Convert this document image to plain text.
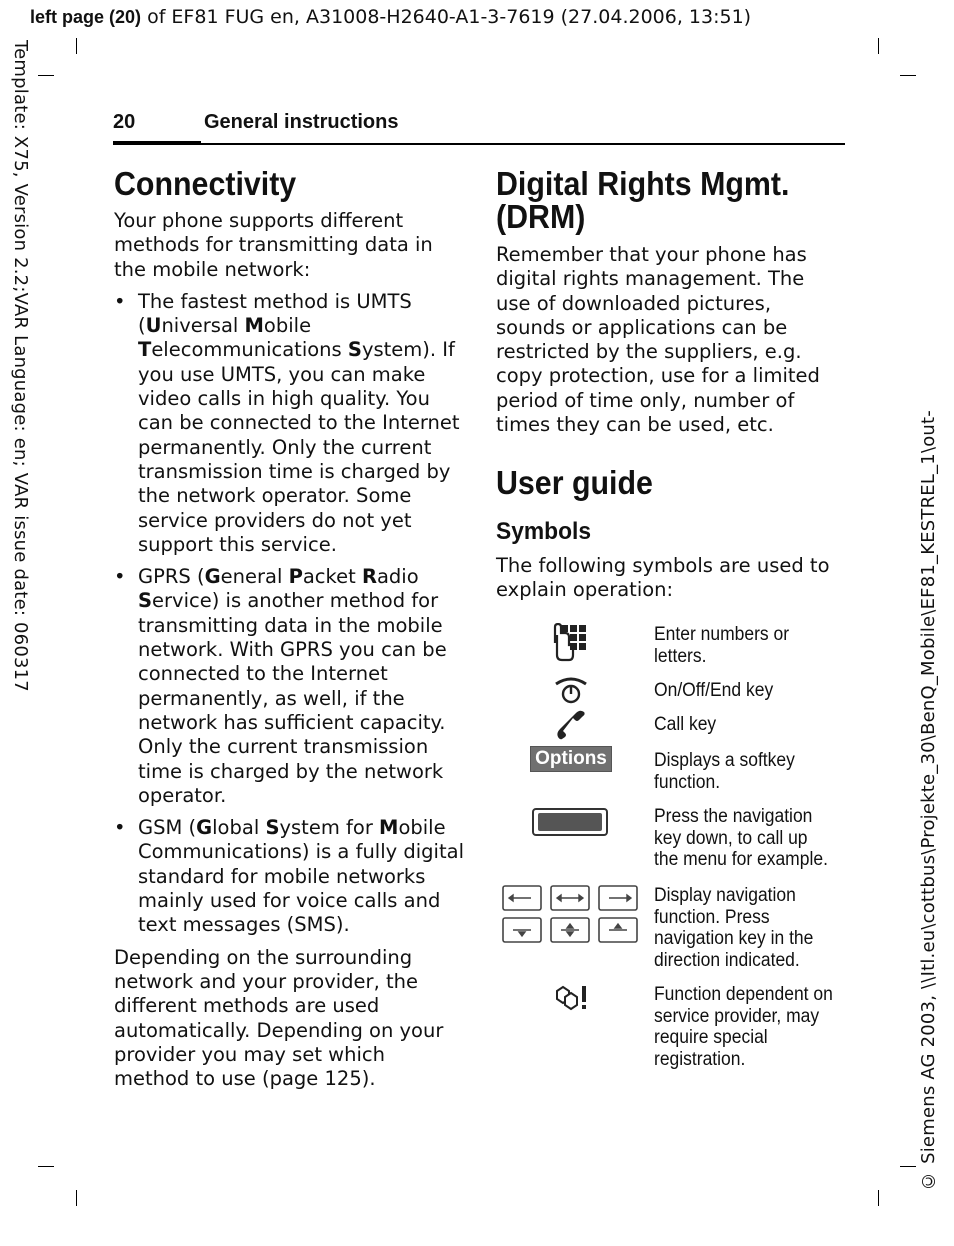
left page (20) of EF81 FUG en, A31008-H2640-A1-3-7619 (27.04.2006, 13:51)
Template: X75, Version 2.2;VAR Language: en; VAR issue date: 060317
© Siemens AG 2003, \\Itl.eu\cottbus\Projekte_30\BenQ_Mobile\EF81_KESTREL_1\out-
20	General instructions
Connectivity

Your phone supports different methods for transmitting data in the mobile network:

• The fastest method is UMTS (Universal Mobile Telecommunications System). If you use UMTS, you can make video calls in high quality. You can be connected to the Internet permanently. Only the current transmission time is charged by the network operator. Some service providers do not yet support this service.
• GPRS (General Packet Radio Service) is another method for transmitting data in the mobile network. With GPRS you can be connected to the Internet permanently, as well, if the network has sufficient capacity. Only the current transmission time is charged by the network operator.
• GSM (Global System for Mobile Communications) is a fully digital standard for mobile networks mainly used for voice calls and text messages (SMS).

Depending on the surrounding network and your provider, the different methods are used automatically. Depending on your provider you may set which method to use (page 125).

Digital Rights Mgmt. (DRM)

Remember that your phone has digital rights management. The use of downloaded pictures, sounds or applications can be restricted by the suppliers, e.g. copy protection, use for a limited period of time only, number of times they can be used, etc.

User guide
Symbols

The following symbols are used to explain operation:

Enter numbers or letters.
On/Off/End key
Call key
Options Displays a softkey function.
Press the navigation key down, to call up the menu for example.
Display navigation function. Press navigation key in the direction indicated.
Function dependent on service provider, may require special registration.
